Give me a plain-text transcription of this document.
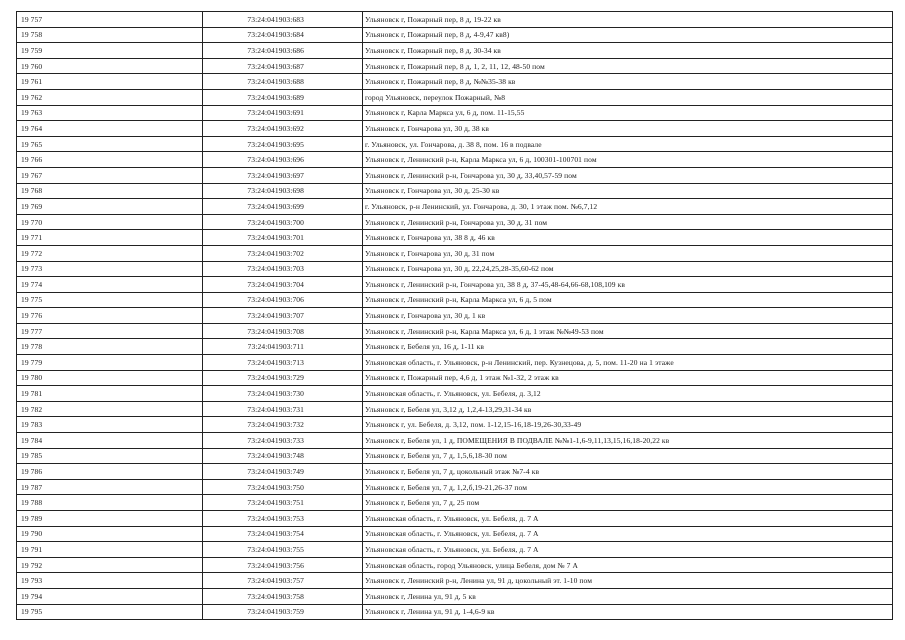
19 757	73:24:041903:683	Ульяновск г, Пожарный пер, 8 д, 19-22 кв
19 758	73:24:041903:684	Ульяновск г, Пожарный пер, 8 д, 4-9,47 кв8)
19 759	73:24:041903:686	Ульяновск г, Пожарный пер, 8 д, 30-34 кв
19 760	73:24:041903:687	Ульяновск г, Пожарный пер, 8 д, 1, 2, 11, 12, 48-50 пом
19 761	73:24:041903:688	Ульяновск г, Пожарный пер, 8 д, №№35-38 кв
19 762	73:24:041903:689	город Ульяновск, переулок Пожарный, №8
19 763	73:24:041903:691	Ульяновск г, Карла Маркса ул, 6 д, пом. 11-15,55
19 764	73:24:041903:692	Ульяновск г, Гончарова ул, 30 д, 38 кв
19 765	73:24:041903:695	г. Ульяновск, ул. Гончарова, д. 38 8, пом. 16 в подвале
19 766	73:24:041903:696	Ульяновск г, Ленинский р-н, Карла Маркса ул, 6 д, 100301-100701 пом
19 767	73:24:041903:697	Ульяновск г, Ленинский р-н, Гончарова ул, 30 д, 33,40,57-59 пом
19 768	73:24:041903:698	Ульяновск г, Гончарова ул, 30 д, 25-30 кв
19 769	73:24:041903:699	г. Ульяновск, р-н Ленинский, ул. Гончарова, д. 30, 1 этаж пом. №6,7,12
19 770	73:24:041903:700	Ульяновск г, Ленинский р-н, Гончарова ул, 30 д, 31 пом
19 771	73:24:041903:701	Ульяновск г, Гончарова ул, 38 8 д, 46 кв
19 772	73:24:041903:702	Ульяновск г, Гончарова ул, 30 д, 31 пом
19 773	73:24:041903:703	Ульяновск г, Гончарова ул, 30 д, 22,24,25,28-35,60-62 пом
19 774	73:24:041903:704	Ульяновск г, Ленинский р-н, Гончарова ул, 38 8 д, 37-45,48-64,66-68,108,109 кв
19 775	73:24:041903:706	Ульяновск г, Ленинский р-н, Карла Маркса ул, 6 д, 5 пом
19 776	73:24:041903:707	Ульяновск г, Гончарова ул, 30 д, 1 кв
19 777	73:24:041903:708	Ульяновск г, Ленинский р-н, Карла Маркса ул, 6 д, 1 этаж №№49-53 пом
19 778	73:24:041903:711	Ульяновск г, Бебеля ул, 16 д, 1-11 кв
19 779	73:24:041903:713	Ульяновская область, г. Ульяновск, р-н Ленинский, пер. Кузнецова, д. 5, пом. 11-20 на 1 этаже
19 780	73:24:041903:729	Ульяновск г, Пожарный пер, 4,6 д, 1 этаж №1-32, 2 этаж кв
19 781	73:24:041903:730	Ульяновская область, г. Ульяновск, ул. Бебеля, д. 3,12
19 782	73:24:041903:731	Ульяновск г, Бебеля ул, 3,12 д, 1,2,4-13,29,31-34 кв
19 783	73:24:041903:732	Ульяновск г, ул. Бебеля, д. 3,12, пом. 1-12,15-16,18-19,26-30,33-49
19 784	73:24:041903:733	Ульяновск г, Бебеля ул, 1 д, ПОМЕЩЕНИЯ В ПОДВАЛЕ №№1-1,6-9,11,13,15,16,18-20,22 кв
19 785	73:24:041903:748	Ульяновск г, Бебеля ул, 7 д, 1,5,6,18-30 пом
19 786	73:24:041903:749	Ульяновск г, Бебеля ул, 7 д, цокольный этаж №7-4 кв
19 787	73:24:041903:750	Ульяновск г, Бебеля ул, 7 д, 1,2,б,19-21,26-37 пом
19 788	73:24:041903:751	Ульяновск г, Бебеля ул, 7 д, 25 пом
19 789	73:24:041903:753	Ульяновская область, г. Ульяновск, ул. Бебеля, д. 7 А
19 790	73:24:041903:754	Ульяновская область, г. Ульяновск, ул. Бебеля, д. 7 А
19 791	73:24:041903:755	Ульяновская область, г. Ульяновск, ул. Бебеля, д. 7 А
19 792	73:24:041903:756	Ульяновская область, город Ульяновск, улица Бебеля, дом № 7 А
19 793	73:24:041903:757	Ульяновск г, Ленинский р-н, Ленина ул, 91 д, цокольный эт. 1-10 пом
19 794	73:24:041903:758	Ульяновск г, Ленина ул, 91 д, 5 кв
19 795	73:24:041903:759	Ульяновск г, Ленина ул, 91 д, 1-4,6-9 кв
